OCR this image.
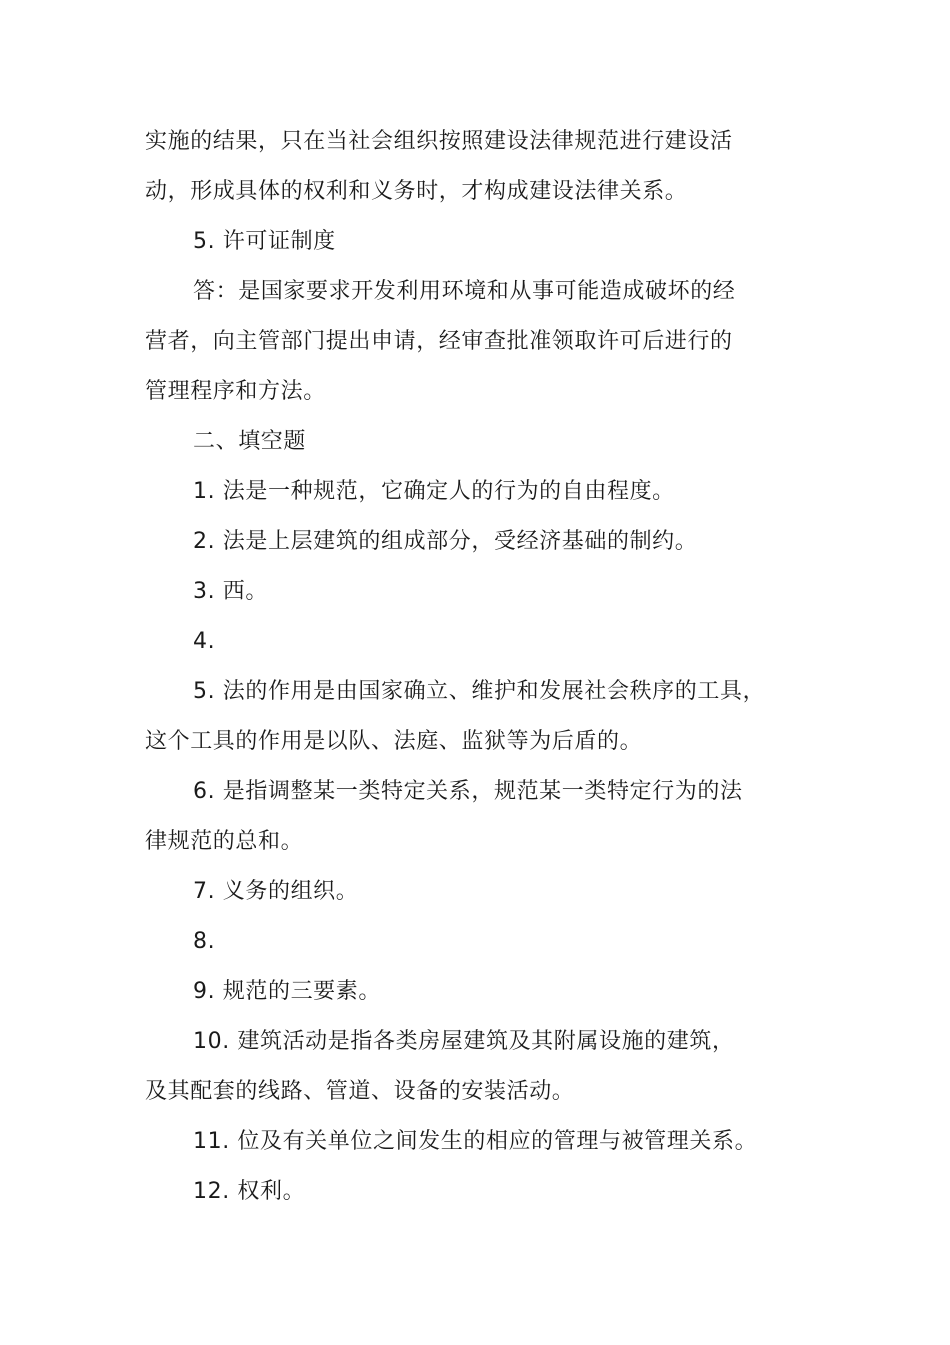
实施的结果，只在当社会组织按照建设法律规范进行建设活
动，形成具体的权利和义务时，才构成建设法律关系。
5. 许可证制度
答：是国家要求开发利用环境和从事可能造成破坏的经
营者，向主管部门提出申请，经审查批准领取许可后进行的
管理程序和方法。
二、填空题
1. 法是一种规范，它确定人的行为的自由程度。
2. 法是上层建筑的组成部分，受经济基础的制约。
3. 西。
4.
5. 法的作用是由国家确立、维护和发展社会秩序的工具，
这个工具的作用是以队、法庭、监狱等为后盾的。
6. 是指调整某一类特定关系，规范某一类特定行为的法
律规范的总和。
7. 义务的组织。
8.
9. 规范的三要素。
10. 建筑活动是指各类房屋建筑及其附属设施的建筑，
及其配套的线路、管道、设备的安装活动。
11. 位及有关单位之间发生的相应的管理与被管理关系。
12. 权利。
